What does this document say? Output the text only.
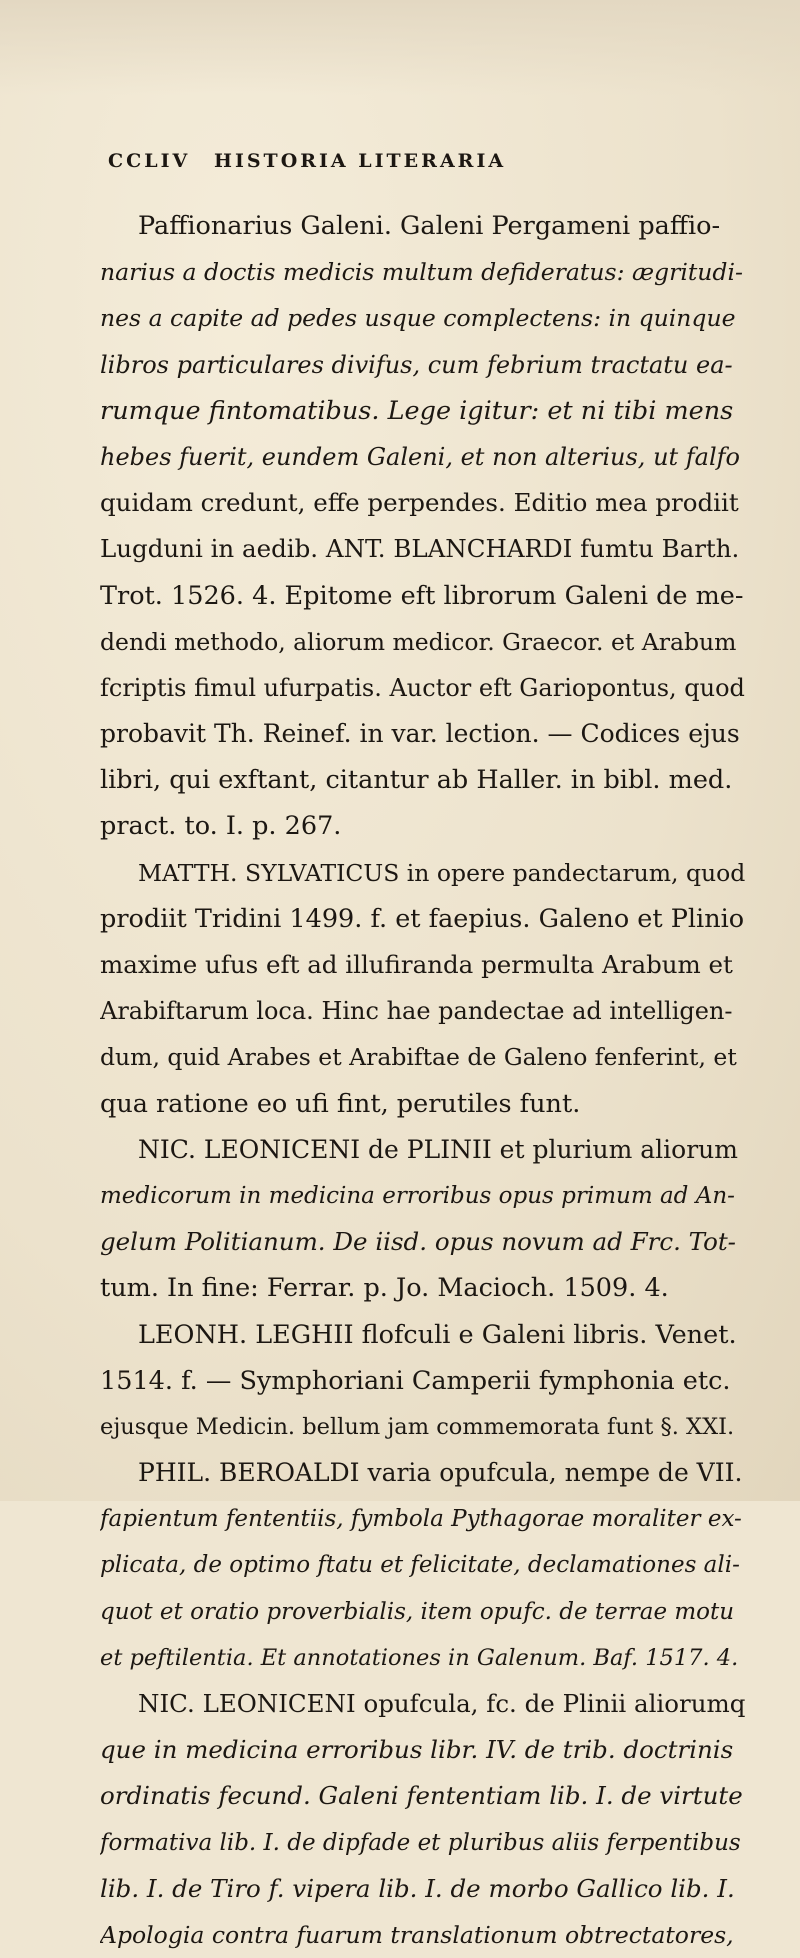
CCLIV HISTORIA LITERARIA
Paffionarius Galeni. Galeni Pergameni paffio-
narius a doctis medicis multum defideratus: ægritudi-
nes a capite ad pedes usque complectens: in quinque
libros particulares divifus, cum febrium tractatu ea-
rumque fintomatibus. Lege igitur: et ni tibi mens
hebes fuerit, eundem Galeni, et non alterius, ut falfo
quidam credunt, effe perpendes. Editio mea prodiit
Lugduni in aedib. ANT. BLANCHARDI fumtu Barth.
Trot. 1526. 4. Epitome eft librorum Galeni de me-
dendi methodo, aliorum medicor. Graecor. et Arabum
fcriptis fimul ufurpatis. Auctor eft Gariopontus, quod
probavit Th. Reinef. in var. lection. — Codices ejus
libri, qui exftant, citantur ab Haller. in bibl. med.
pract. to. I. p. 267.
MATTH. SYLVATICUS in opere pandectarum, quod
prodiit Tridini 1499. f. et faepius. Galeno et Plinio
maxime ufus eft ad illufiranda permulta Arabum et
Arabiftarum loca. Hinc hae pandectae ad intelligen-
dum, quid Arabes et Arabiftae de Galeno fenferint, et
qua ratione eo ufi fint, perutiles funt.
NIC. LEONICENI de PLINII et plurium aliorum
medicorum in medicina erroribus opus primum ad An-
gelum Politianum. De iisd. opus novum ad Frc. Tot-
tum. In fine: Ferrar. p. Jo. Macioch. 1509. 4.
LEONH. LEGHII flofculi e Galeni libris. Venet.
1514. f. — Symphoriani Camperii fymphonia etc.
ejusque Medicin. bellum jam commemorata funt §. XXI.
PHIL. BEROALDI varia opufcula, nempe de VII.
fapientum fententiis, fymbola Pythagorae moraliter ex-
plicata, de optimo ftatu et felicitate, declamationes ali-
quot et oratio proverbialis, item opufc. de terrae motu
et peftilentia. Et annotationes in Galenum. Baf. 1517. 4.
NIC. LEONICENI opufcula, fc. de Plinii aliorumq
que in medicina erroribus libr. IV. de trib. doctrinis
ordinatis fecund. Galeni fententiam lib. I. de virtute
formativa lib. I. de dipfade et pluribus aliis ferpentibus
lib. I. de Tiro f. vipera lib. I. de morbo Gallico lib. I.
Apologia contra fuarum translationum obtrectatores,
